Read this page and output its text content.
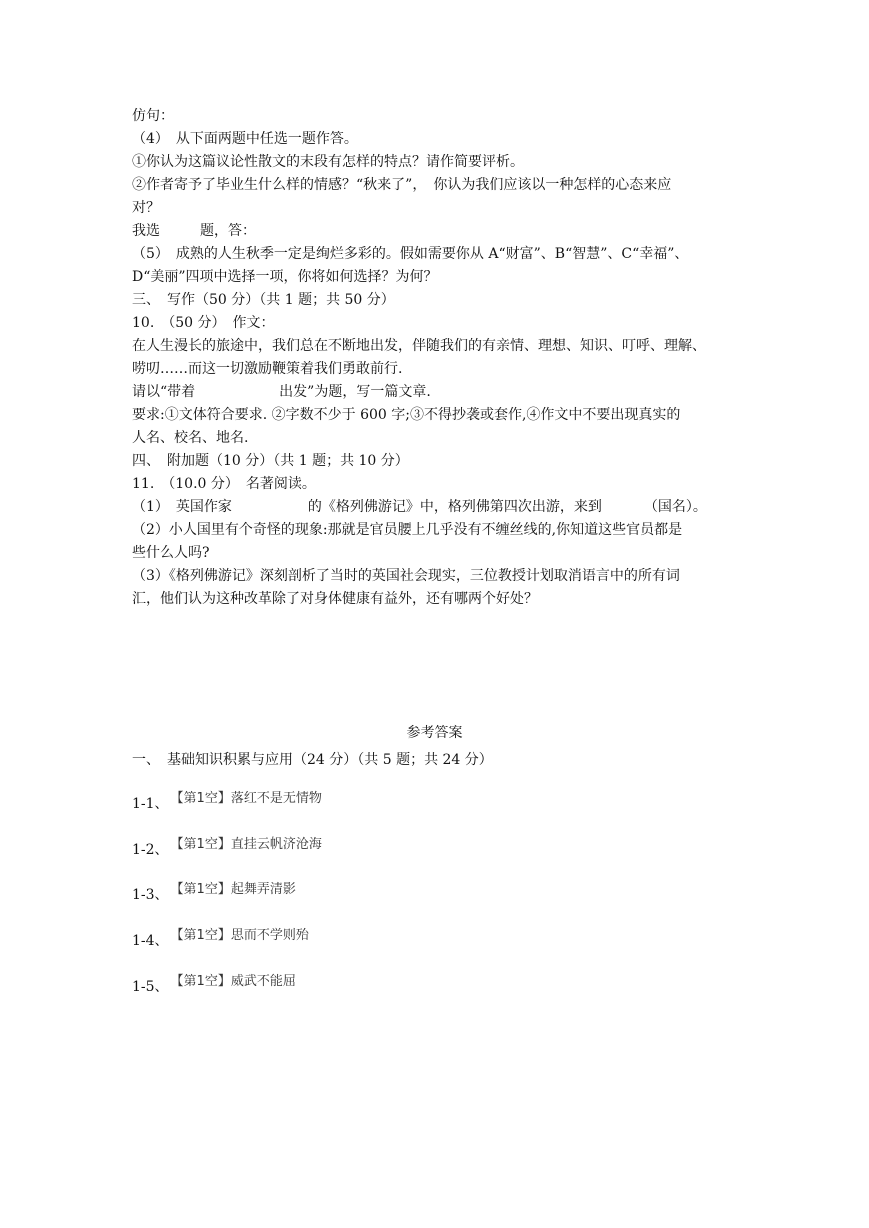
仿句：
（4）　从下面两题中任选一题作答。
①你认为这篇议论性散文的末段有怎样的特点？请作简要评析。
②作者寄予了毕业生什么样的情感？“秋来了”，　你认为我们应该以一种怎样的心态来应
对？
我选	题，答：
（5）　成熟的人生秋季一定是绚烂多彩的。假如需要你从 A“财富”、B“智慧”、C“幸福”、
D“美丽”四项中选择一项，你将如何选择？为何？
三、　写作（50 分）（共 1 题；共 50 分）
10.　（50 分）　作文：
在人生漫长的旅途中，我们总在不断地出发，伴随我们的有亲情、理想、知识、叮呼、理解、
唠叨……而这一切激励鞭策着我们勇敢前行.
请以“带着	出发”为题，写一篇文章.
要求:①文体符合要求. ②字数不少于 600 字;③不得抄袭或套作,④作文中不要出现真实的
人名、校名、地名.
四、　附加题（10 分）（共 1 题；共 10 分）
11.　（10.0 分）　名著阅读。
（1）　英国作家	的《格列佛游记》中，格列佛第四次出游，来到	（国名）。
（2）小人国里有个奇怪的现象:那就是官员腰上几乎没有不缠丝线的,你知道这些官员都是
些什么人吗?
（3）《格列佛游记》深刻剖析了当时的英国社会现实，三位教授计划取消语言中的所有词
汇，他们认为这种改革除了对身体健康有益外，还有哪两个好处？
参考答案
一、　基础知识积累与应用（24 分）（共 5 题；共 24 分）
1-1、 【第1空】落红不是无情物
1-2、 【第1空】直挂云帆济沧海
1-3、 【第1空】起舞弄清影
1-4、 【第1空】思而不学则殆
1-5、 【第1空】威武不能屈
